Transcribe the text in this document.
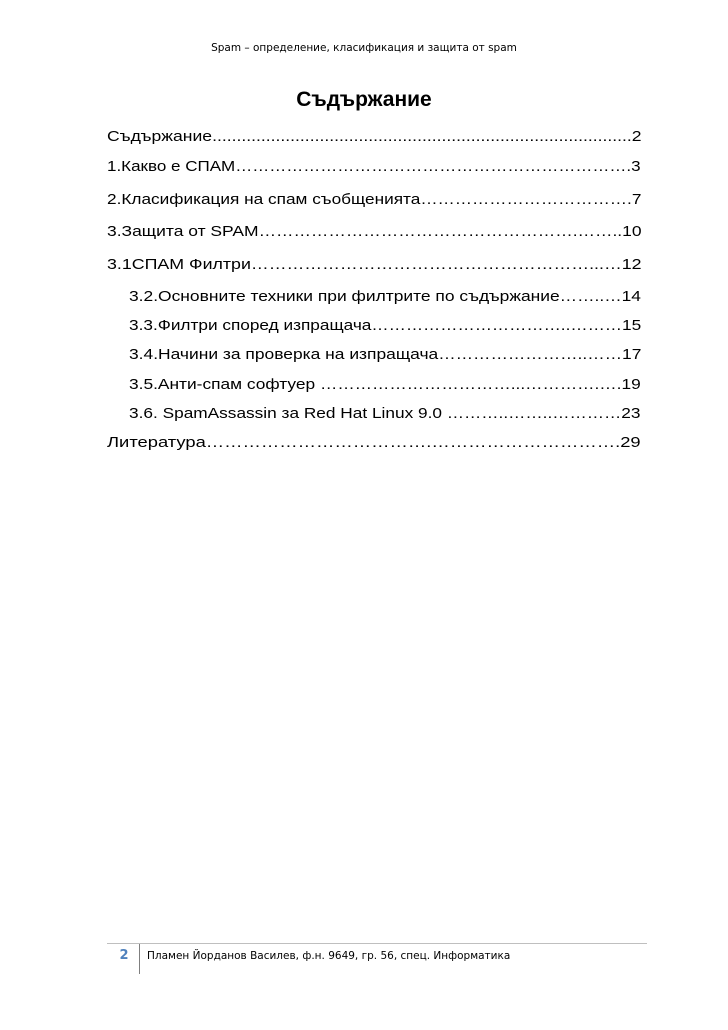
Spam – определение, класификация и защита от spam
Съдържание
Съдържание......................................................................................2
1.Какво е СПАМ…………………………………………………………….3
2.Класификация на спам съобщенията……………………………….7
3.Защита от SPAM……………………………………………….……..10
3.1СПАМ Филтри…………………………………………………...…12
3.2.Основните техники при филтрите по съдържание……..…14
3.3.Филтри според изпращача……………………………..………15
3.4.Начини за проверка на изпращача……………………..……17
3.5.Анти-спам софтуер ……………………………...………….….19
3.6. SpamAssassin за Red Hat Linux 9.0 ………..……..…………23
Литература……………………………….………………………….29
2	Пламен Йорданов Василев, ф.н. 9649, гр. 56, спец. Информатика
